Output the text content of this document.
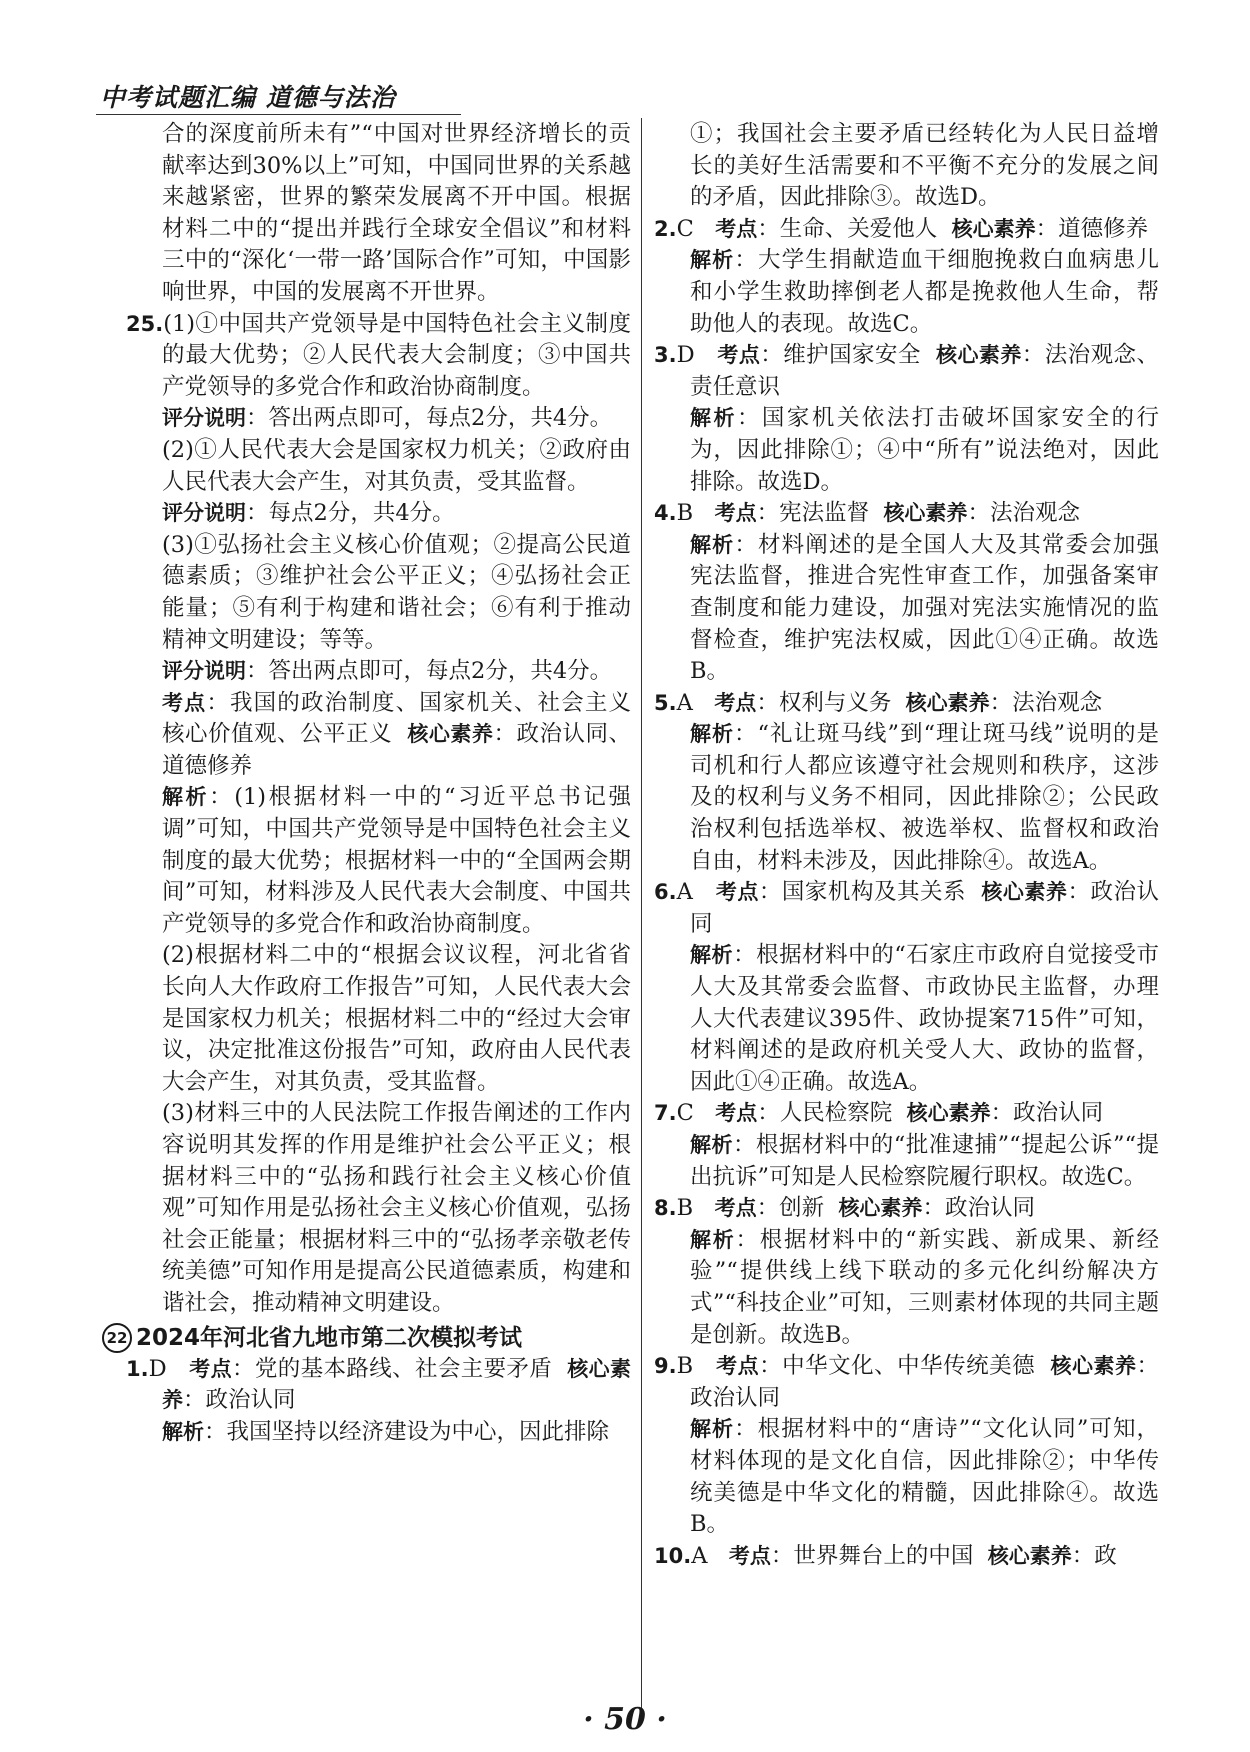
中考试题汇编 道德与法治

合的深度前所未有”“中国对世界经济增长的贡献率达到30%以上”可知，中国同世界的关系越来越紧密，世界的繁荣发展离不开中国。根据材料二中的“提出并践行全球安全倡议”和材料三中的“深化‘一带一路’国际合作”可知，中国影响世界，中国的发展离不开世界。

25.(1)①中国共产党领导是中国特色社会主义制度的最大优势；②人民代表大会制度；③中国共产党领导的多党合作和政治协商制度。

评分说明：答出两点即可，每点2分，共4分。

(2)①人民代表大会是国家权力机关；②政府由人民代表大会产生，对其负责，受其监督。

评分说明：每点2分，共4分。

(3)①弘扬社会主义核心价值观；②提高公民道德素质；③维护社会公平正义；④弘扬社会正能量；⑤有利于构建和谐社会；⑥有利于推动精神文明建设；等等。

评分说明：答出两点即可，每点2分，共4分。

考点：我国的政治制度、国家机关、社会主义核心价值观、公平正义 核心素养：政治认同、道德修养

解析：(1)根据材料一中的“习近平总书记强调”可知，中国共产党领导是中国特色社会主义制度的最大优势；根据材料一中的“全国两会期间”可知，材料涉及人民代表大会制度、中国共产党领导的多党合作和政治协商制度。

(2)根据材料二中的“根据会议议程，河北省省长向人大作政府工作报告”可知，人民代表大会是国家权力机关；根据材料二中的“经过大会审议，决定批准这份报告”可知，政府由人民代表大会产生，对其负责，受其监督。

(3)材料三中的人民法院工作报告阐述的工作内容说明其发挥的作用是维护社会公平正义；根据材料三中的“弘扬和践行社会主义核心价值观”可知作用是弘扬社会主义核心价值观，弘扬社会正能量；根据材料三中的“弘扬孝亲敬老传统美德”可知作用是提高公民道德素质，构建和谐社会，推动精神文明建设。

22 2024年河北省九地市第二次模拟考试

1.D 考点：党的基本路线、社会主要矛盾 核心素养：政治认同

解析：我国坚持以经济建设为中心，因此排除

①；我国社会主要矛盾已经转化为人民日益增长的美好生活需要和不平衡不充分的发展之间的矛盾，因此排除③。故选D。

2.C 考点：生命、关爱他人 核心素养：道德修养

解析：大学生捐献造血干细胞挽救白血病患儿和小学生救助摔倒老人都是挽救他人生命，帮助他人的表现。故选C。

3.D 考点：维护国家安全 核心素养：法治观念、责任意识

解析：国家机关依法打击破坏国家安全的行为，因此排除①；④中“所有”说法绝对，因此排除。故选D。

4.B 考点：宪法监督 核心素养：法治观念

解析：材料阐述的是全国人大及其常委会加强宪法监督，推进合宪性审查工作，加强备案审查制度和能力建设，加强对宪法实施情况的监督检查，维护宪法权威，因此①④正确。故选B。

5.A 考点：权利与义务 核心素养：法治观念

解析：“礼让斑马线”到“理让斑马线”说明的是司机和行人都应该遵守社会规则和秩序，这涉及的权利与义务不相同，因此排除②；公民政治权利包括选举权、被选举权、监督权和政治自由，材料未涉及，因此排除④。故选A。

6.A 考点：国家机构及其关系 核心素养：政治认同

解析：根据材料中的“石家庄市政府自觉接受市人大及其常委会监督、市政协民主监督，办理人大代表建议395件、政协提案715件”可知，材料阐述的是政府机关受人大、政协的监督，因此①④正确。故选A。

7.C 考点：人民检察院 核心素养：政治认同

解析：根据材料中的“批准逮捕”“提起公诉”“提出抗诉”可知是人民检察院履行职权。故选C。

8.B 考点：创新 核心素养：政治认同

解析：根据材料中的“新实践、新成果、新经验”“提供线上线下联动的多元化纠纷解决方式”“科技企业”可知，三则素材体现的共同主题是创新。故选B。

9.B 考点：中华文化、中华传统美德 核心素养：政治认同

解析：根据材料中的“唐诗”“文化认同”可知，材料体现的是文化自信，因此排除②；中华传统美德是中华文化的精髓，因此排除④。故选B。

10.A 考点：世界舞台上的中国 核心素养：政

· 50 ·
